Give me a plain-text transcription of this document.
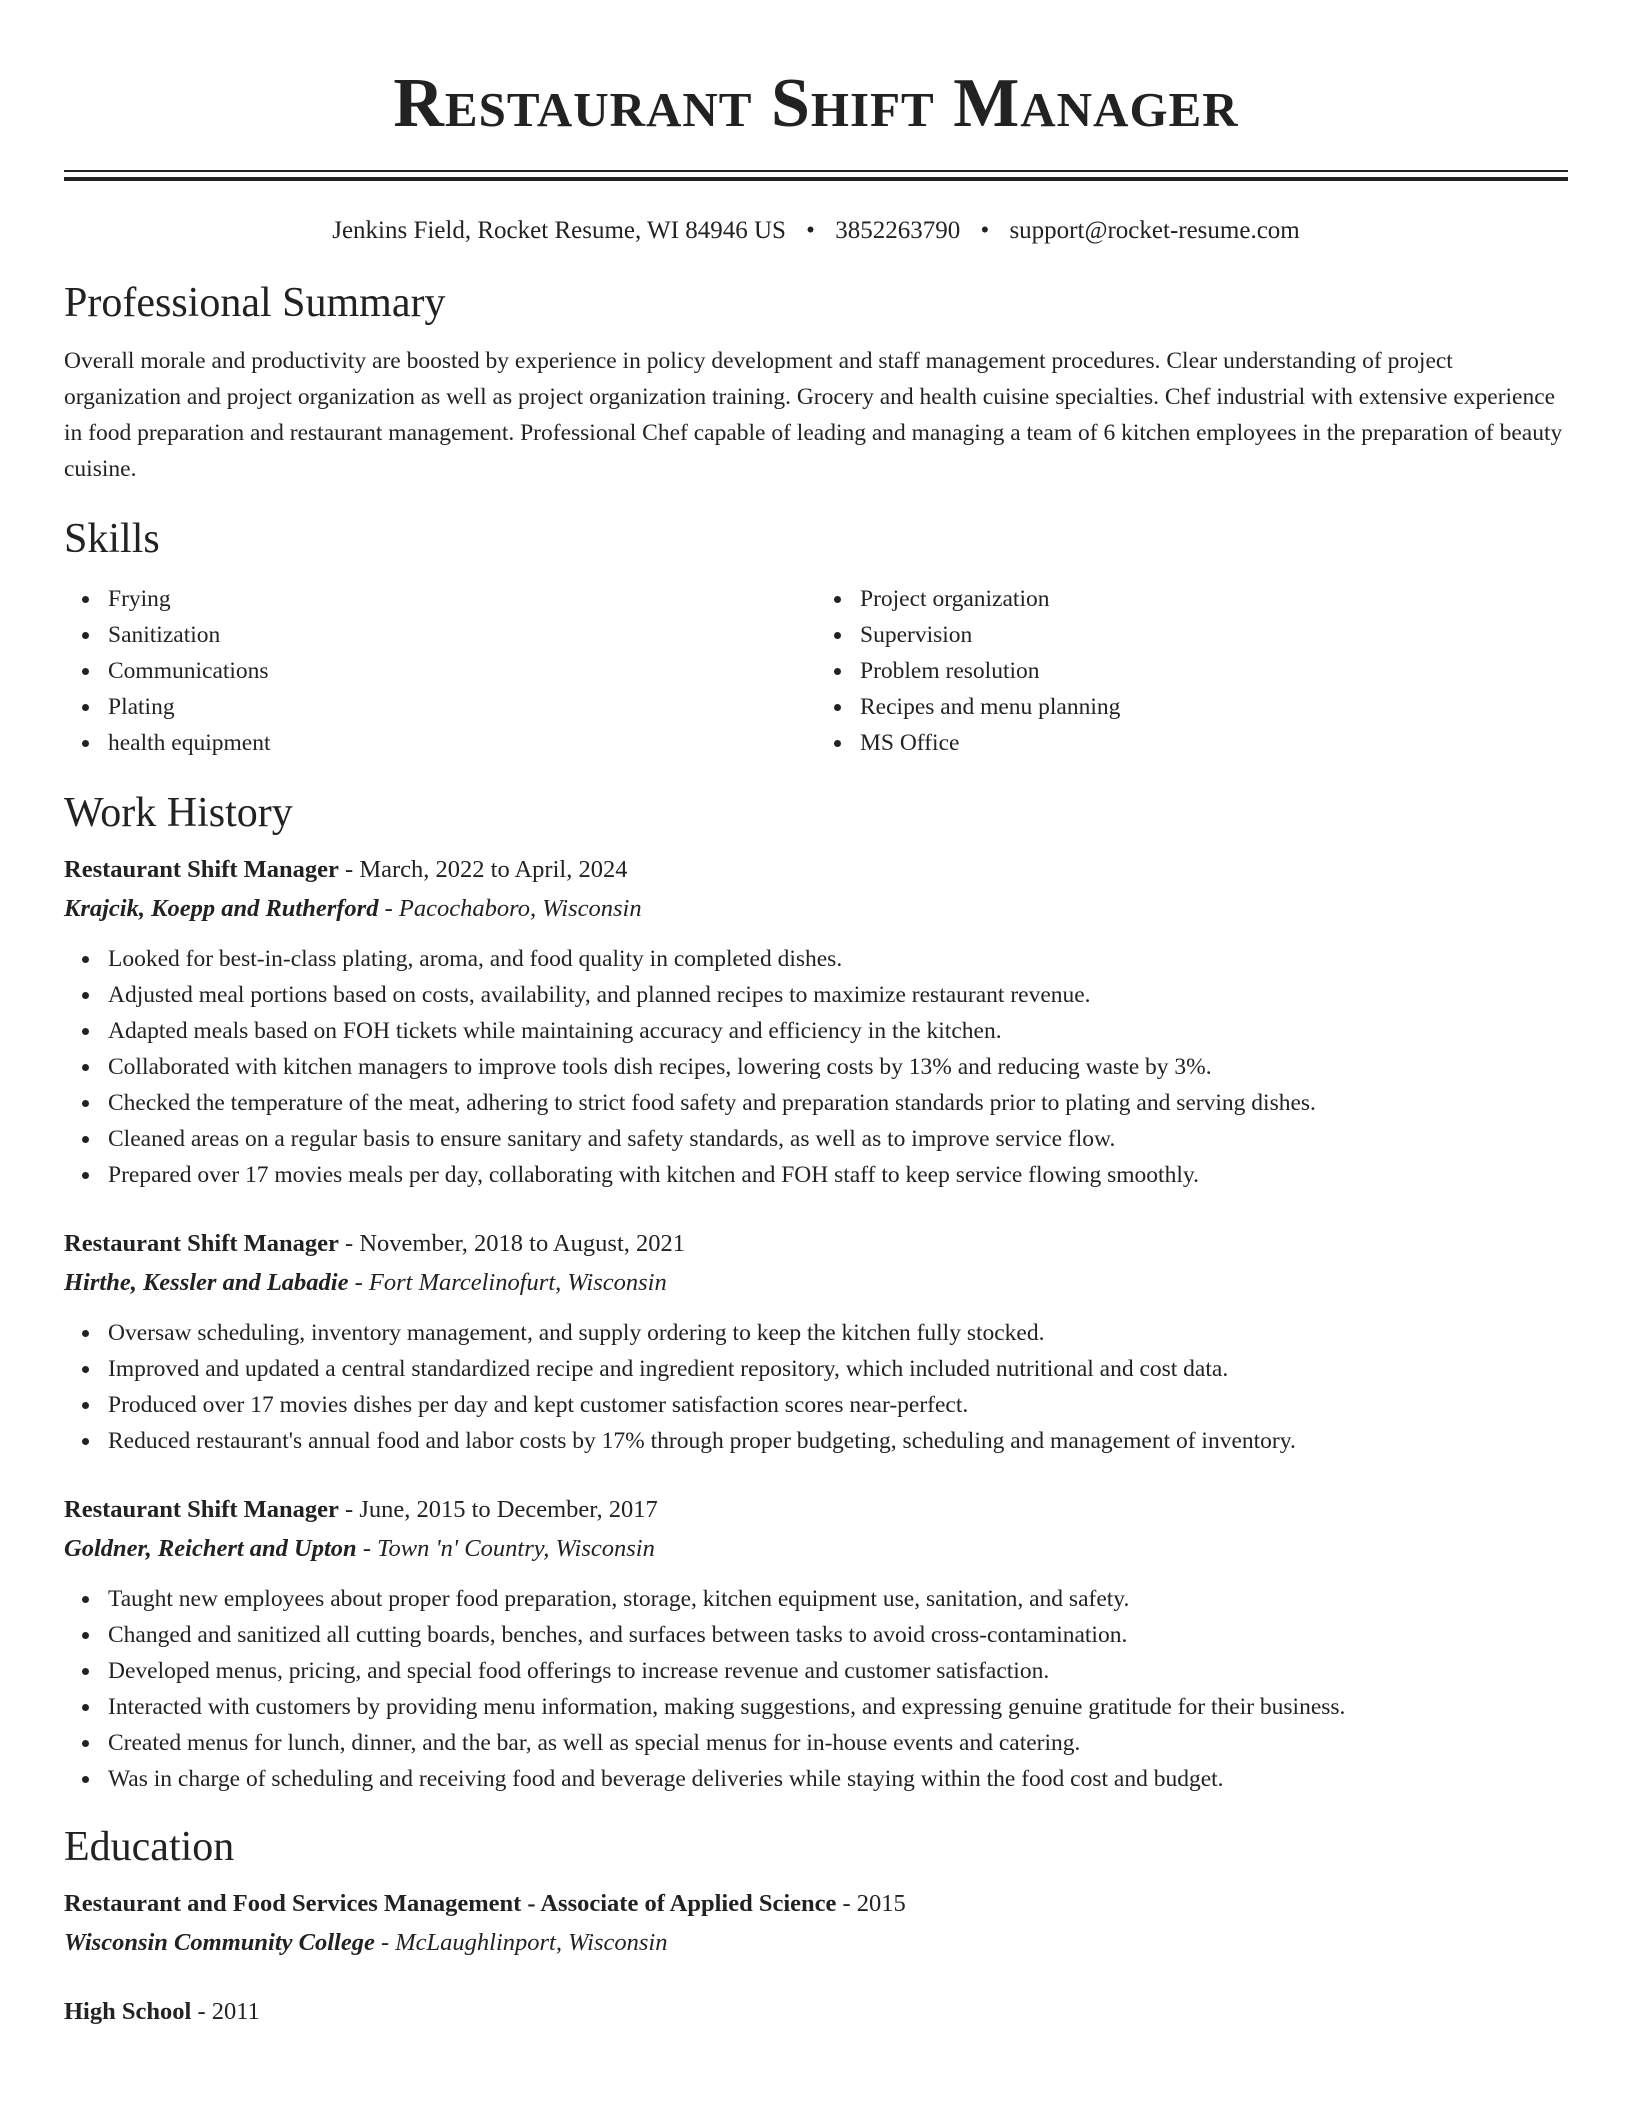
Restaurant Shift Manager
Jenkins Field, Rocket Resume, WI 84946 US • 3852263790 • support@rocket-resume.com
Professional Summary

Overall morale and productivity are boosted by experience in policy development and staff management procedures. Clear understanding of project organization and project organization as well as project organization training. Grocery and health cuisine specialties. Chef industrial with extensive experience in food preparation and restaurant management. Professional Chef capable of leading and managing a team of 6 kitchen employees in the preparation of beauty cuisine.

Skills
Frying
Sanitization
Communications
Plating
health equipment
Project organization
Supervision
Problem resolution
Recipes and menu planning
MS Office
Work History
Restaurant Shift Manager - March, 2022 to April, 2024
Krajcik, Koepp and Rutherford - Pacochaboro, Wisconsin
Looked for best-in-class plating, aroma, and food quality in completed dishes.
Adjusted meal portions based on costs, availability, and planned recipes to maximize restaurant revenue.
Adapted meals based on FOH tickets while maintaining accuracy and efficiency in the kitchen.
Collaborated with kitchen managers to improve tools dish recipes, lowering costs by 13% and reducing waste by 3%.
Checked the temperature of the meat, adhering to strict food safety and preparation standards prior to plating and serving dishes.
Cleaned areas on a regular basis to ensure sanitary and safety standards, as well as to improve service flow.
Prepared over 17 movies meals per day, collaborating with kitchen and FOH staff to keep service flowing smoothly.
Restaurant Shift Manager - November, 2018 to August, 2021
Hirthe, Kessler and Labadie - Fort Marcelinofurt, Wisconsin
Oversaw scheduling, inventory management, and supply ordering to keep the kitchen fully stocked.
Improved and updated a central standardized recipe and ingredient repository, which included nutritional and cost data.
Produced over 17 movies dishes per day and kept customer satisfaction scores near-perfect.
Reduced restaurant's annual food and labor costs by 17% through proper budgeting, scheduling and management of inventory.
Restaurant Shift Manager - June, 2015 to December, 2017
Goldner, Reichert and Upton - Town 'n' Country, Wisconsin
Taught new employees about proper food preparation, storage, kitchen equipment use, sanitation, and safety.
Changed and sanitized all cutting boards, benches, and surfaces between tasks to avoid cross-contamination.
Developed menus, pricing, and special food offerings to increase revenue and customer satisfaction.
Interacted with customers by providing menu information, making suggestions, and expressing genuine gratitude for their business.
Created menus for lunch, dinner, and the bar, as well as special menus for in-house events and catering.
Was in charge of scheduling and receiving food and beverage deliveries while staying within the food cost and budget.
Education
Restaurant and Food Services Management - Associate of Applied Science - 2015
Wisconsin Community College - McLaughlinport, Wisconsin
High School - 2011
